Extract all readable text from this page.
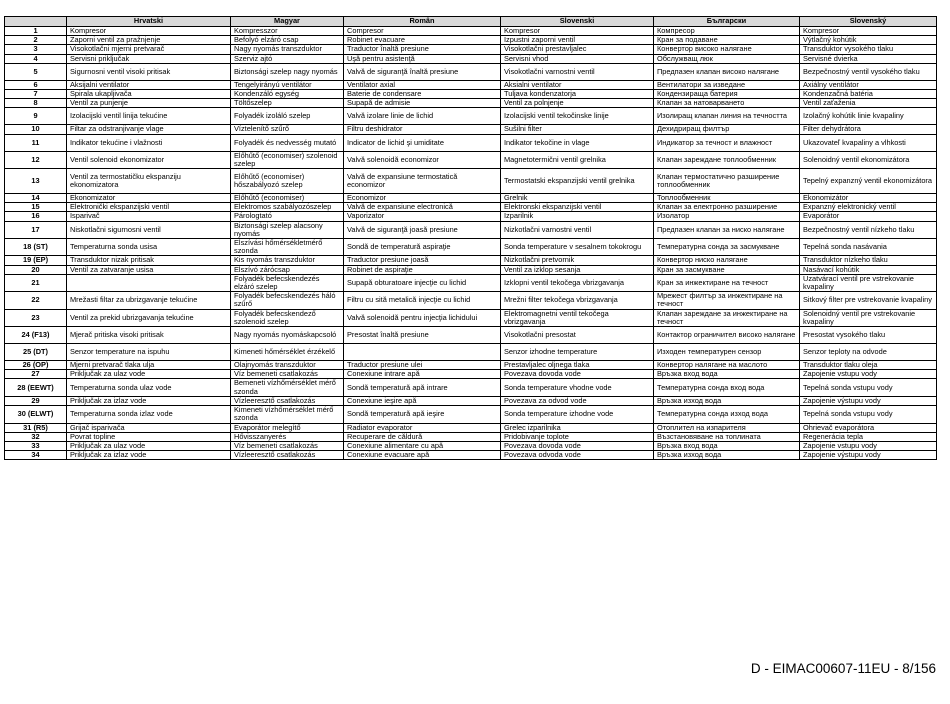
	Hrvatski	Magyar	Român	Slovenski	Български	Slovenský
1	Kompresor	Kompresszor	Compresor	Kompresor	Компресор	Kompresor
2	Zaporni ventil za pražnjenje	Befolyó elzáró csap	Robinet evacuare	Izpustni zaporni ventil	Кран за подаване	Výtlačný kohútik
3	Visokotlačni mjerni pretvarač	Nagy nyomás transzduktor	Traductor înaltă presiune	Visokotlačni prestavljalec	Конвертор високо налягане	Transduktor vysokého tlaku
4	Servisni priključak	Szerviz ajtó	Uşă pentru asistenţă	Servisni vhod	Обслужващ люк	Servisné dvierka
5	Sigurnosni ventil visoki pritisak	Biztonsági szelep nagy nyomás	Valvă de siguranţă înaltă presiune	Visokotlačni varnostni ventil	Предпазен клапан високо налягане	Bezpečnostný ventil vysokého tlaku
6	Aksijalni ventilator	Tengelyirányú ventilátor	Ventilator axial	Aksialni ventilator	Вентилатори за изведане	Axiálny ventilátor
7	Spirala ukapljivača	Kondenzáló egység	Baterie de condensare	Tuljava kondenzatorja	Кондензираща батерия	Kondenzačná batéria
8	Ventil za punjenje	Töltőszelep	Supapă de admisie	Ventil za polnjenje	Клапан за натоварването	Ventil zaťaženia
9	Izolacijski ventil linija tekućine	Folyadék izoláló szelep	Valvă izolare linie de lichid	Izolacijski ventil tekočinske linije	Изолиращ клапан линия на течността	Izolačný kohútik linie kvapaliny
10	Filtar za odstranjivanje vlage	Víztelenítő szűrő	Filtru deshidrator	Sušilni filter	Дехидриращ филтър	Filter dehydrátora
11	Indikator tekućine i vlažnosti	Folyadék és nedvesség mutató	Indicator de lichid şi umiditate	Indikator tekočine in vlage	Индикатор за течност и влажност	Ukazovateľ kvapaliny a vlhkosti
12	Ventil solenoid ekonomizator	Előhűtő (economiser) szolenoid szelep	Valvă solenoidă economizor	Magnetotermični ventil grelnika	Клапан зареждане топлообменник	Solenoidný ventil ekonomizátora
13	Ventil za termostatičku ekspanziju ekonomizatora	Előhűtő (economiser) hőszabályozó szelep	Valvă de expansiune termostatică economizor	Termostatski ekspanzijski ventil grelnika	Клапан термостатично разширение топлообменник	Tepelný expanzný ventil ekonomizátora
14	Ekonomizator	Előhűtő (economiser)	Economizor	Grelnik	Топлообменник	Ekonomizátor
15	Elektronički ekspanzijski ventil	Elektromos szabályozószelep	Valvă de expansiune electronică	Elektronski ekspanzijski ventil	Клапан за електронно разширение	Expanzný elektronický ventil
16	Isparivač	Párologtató	Vaporizator	Izparilnik	Изолатор	Evaporátor
17	Niskotlačni sigurnosni ventil	Biztonsági szelep alacsony nyomás	Valvă de siguranţă joasă presiune	Nizkotlačni varnostni ventil	Предпазен клапан за ниско налягане	Bezpečnostný ventil nízkeho tlaku
18 (ST)	Temperaturna sonda usisa	Elszívási hőmérsékletmérő szonda	Sondă de temperatură aspiraţie	Sonda temperature v sesalnem tokokrogu	Температурна сонда за засмукване	Tepelná sonda nasávania
19 (EP)	Transduktor nizak pritisak	Kis nyomás transzduktor	Traductor presiune joasă	Nizkotlačni pretvornik	Конвертор ниско налягане	Transduktor nízkeho tlaku
20	Ventil za zatvaranje usisa	Elszívó zárócsap	Robinet de aspiraţie	Ventil za izklop sesanja	Кран за засмукване	Nasávací kohútik
21		Folyadék befecskendezés elzáró szelep	Supapă obturatoare injecţie cu lichid	Izklopni ventil tekočega vbrizgavanja	Кран за инжектиране на течност	Uzatvárací ventil pre vstrekovanie kvapaliny
22	Mrežasti filtar za ubrizgavanje tekućine	Folyadék befecskendezés háló szűrő	Filtru cu sită metalică injecţie cu lichid	Mrežni filter tekočega vbrizgavanja	Мрежест филтър за инжектиране на течност	Sitkový filter pre vstrekovanie kvapaliny
23	Ventil za prekid ubrizgavanja tekućine	Folyadék befecskendező szolenoid szelep	Valvă solenoidă pentru injecţia lichidului	Elektromagnetni ventil tekočega vbrizgavanja	Клапан зареждане за инжектиране на течност	Solenoidný ventil pre vstrekovanie kvapaliny
24 (F13)	Mjerač pritiska visoki pritisak	Nagy nyomás nyomáskapcsoló	Presostat înaltă presiune	Visokotlačni presostat	Контактор ограничител високо налягане	Presostat vysokého tlaku
25 (DT)	Senzor temperature na ispuhu	Kimeneti hőmérséklet érzékelő		Senzor izhodne temperature	Изходен температурен сензор	Senzor teploty na odvode
26 (OP)	Mjerni pretvarač tlaka ulja	Olajnyomás transzduktor	Traductor presiune ulei	Prestavljalec oljnega tlaka	Конвертор налягане на маслото	Transduktor tlaku oleja
27	Priključak za ulaz vode	Víz bemeneti csatlakozás	Conexiune intrare apă	Povezava dovoda vode	Връзка вход вода	Zapojenie vstupu vody
28 (EEWT)	Temperaturna sonda ulaz vode	Bemeneti vízhőmérséklet mérő szonda	Sondă temperatură apă intrare	Sonda temperature vhodne vode	Температурна сонда вход вода	Tepelná sonda vstupu vody
29	Priključak za izlaz vode	Vízleeresztő csatlakozás	Conexiune ieşire apă	Povezava za odvod vode	Връзка изход вода	Zapojenie výstupu vody
30 (ELWT)	Temperaturna sonda izlaz vode	Kimeneti vízhőmérséklet mérő szonda	Sondă temperatură apă ieşire	Sonda temperature izhodne vode	Температурна сонда изход вода	Tepelná sonda vstupu vody
31 (R5)	Grijač isparivača	Evaporátor melegítő	Radiator evaporator	Grelec izparilnika	Отоплител на изпарителя	Ohrievač evaporátora
32	Povrat topline	Hővisszanyerés	Recuperare de căldură	Pridobivanje toplote	Възстановяване на топлината	Regenerácia tepla
33	Priključak za ulaz vode	Víz bemeneti csatlakozás	Conexiune alimentare cu apă	Povezava dovoda vode	Връзка вход вода	Zapojenie vstupu vody
34	Priključak za izlaz vode	Vízleeresztő csatlakozás	Conexiune evacuare apă	Povezava odvoda vode	Връзка изход вода	Zapojenie výstupu vody
D - EIMAC00607-11EU - 8/156
